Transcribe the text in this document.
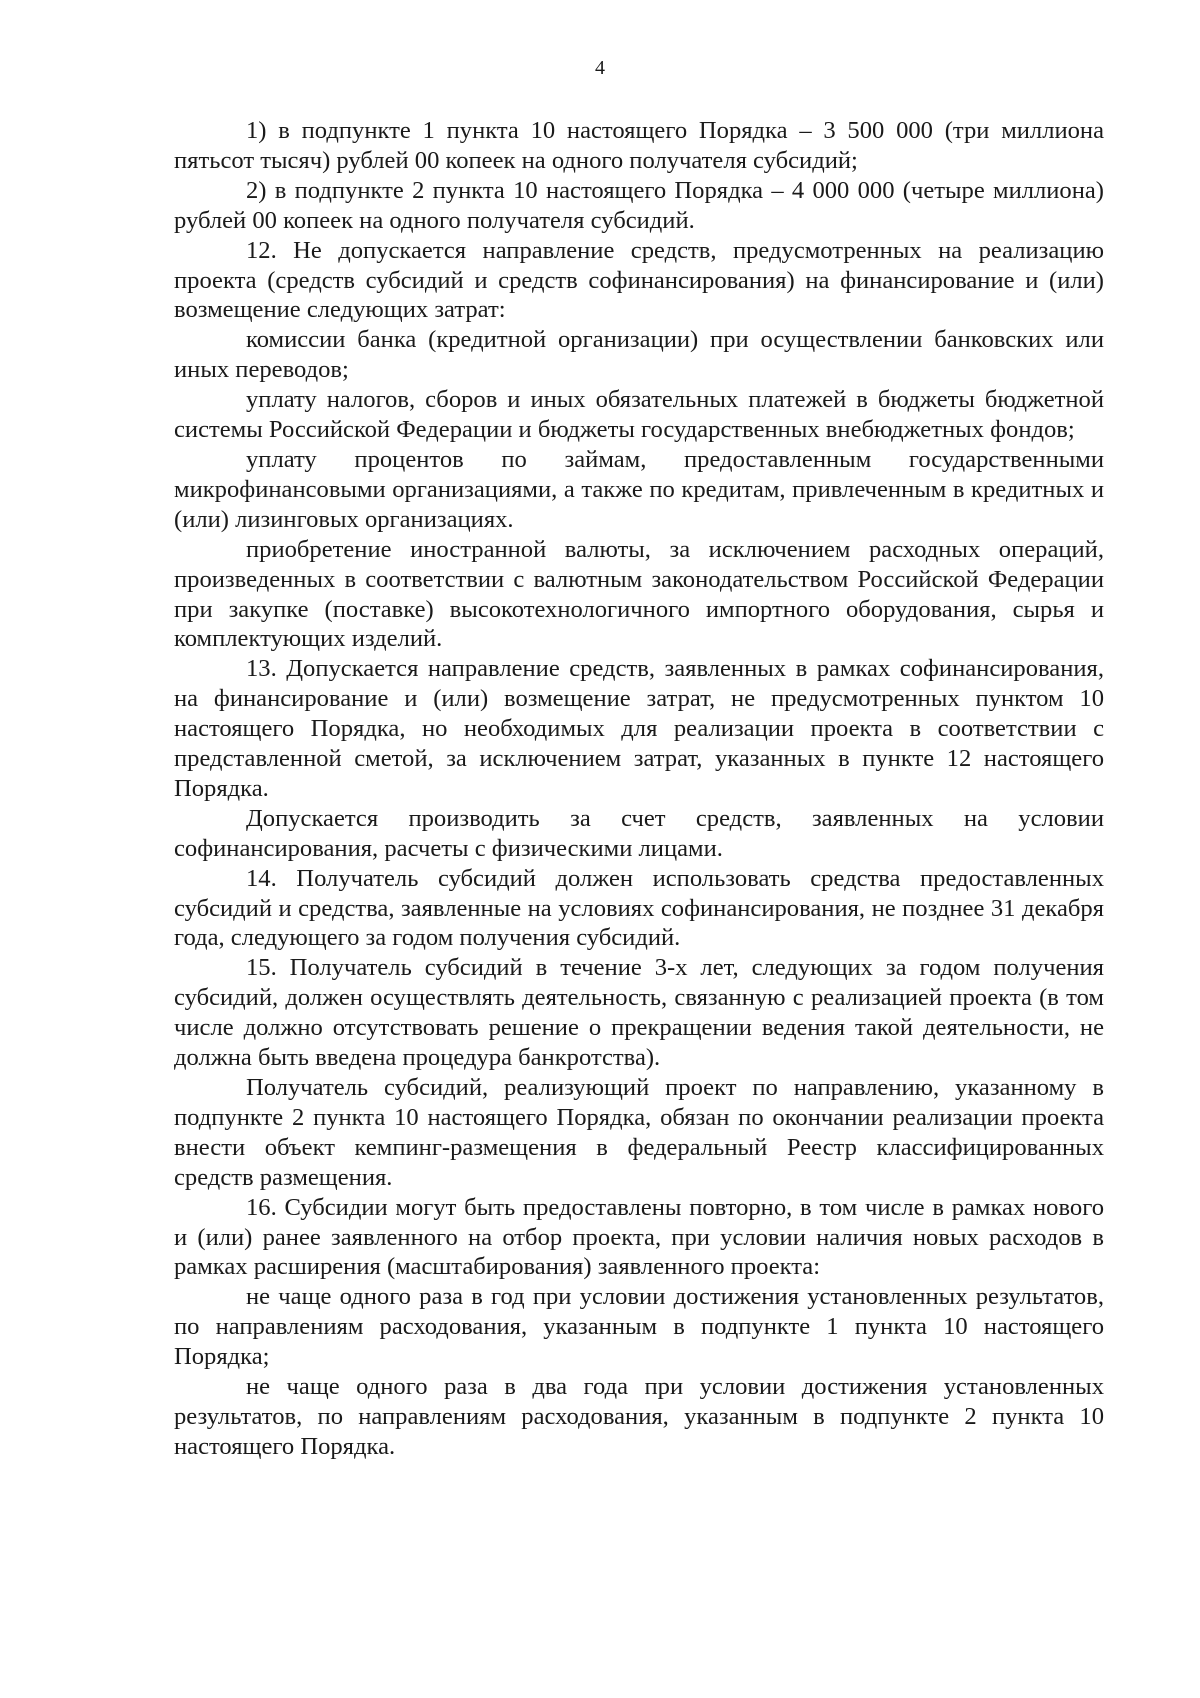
4

1) в подпункте 1 пункта 10 настоящего Порядка – 3 500 000 (три миллиона пятьсот тысяч) рублей 00 копеек на одного получателя субсидий;

2) в подпункте 2 пункта 10 настоящего Порядка – 4 000 000 (четыре миллиона) рублей 00 копеек на одного получателя субсидий.

12. Не допускается направление средств, предусмотренных на реализацию проекта (средств субсидий и средств софинансирования) на финансирование и (или) возмещение следующих затрат:

комиссии банка (кредитной организации) при осуществлении банковских или иных переводов;

уплату налогов, сборов и иных обязательных платежей в бюджеты бюджетной системы Российской Федерации и бюджеты государственных внебюджетных фондов;

уплату процентов по займам, предоставленным государственными микрофинансовыми организациями, а также по кредитам, привлеченным в кредитных и (или) лизинговых организациях.

приобретение иностранной валюты, за исключением расходных операций, произведенных в соответствии с валютным законодательством Российской Федерации при закупке (поставке) высокотехнологичного импортного оборудования, сырья и комплектующих изделий.

13. Допускается направление средств, заявленных в рамках софинансирования, на финансирование и (или) возмещение затрат, не предусмотренных пунктом 10 настоящего Порядка, но необходимых для реализации проекта в соответствии с представленной сметой, за исключением затрат, указанных в пункте 12 настоящего Порядка.

Допускается производить за счет средств, заявленных на условии софинансирования, расчеты с физическими лицами.

14. Получатель субсидий должен использовать средства предоставленных субсидий и средства, заявленные на условиях софинансирования, не позднее 31 декабря года, следующего за годом получения субсидий.

15. Получатель субсидий в течение 3-х лет, следующих за годом получения субсидий, должен осуществлять деятельность, связанную с реализацией проекта (в том числе должно отсутствовать решение о прекращении ведения такой деятельности, не должна быть введена процедура банкротства).

Получатель субсидий, реализующий проект по направлению, указанному в подпункте 2 пункта 10 настоящего Порядка, обязан по окончании реализации проекта внести объект кемпинг-размещения в федеральный Реестр классифицированных средств размещения.

16. Субсидии могут быть предоставлены повторно, в том числе в рамках нового и (или) ранее заявленного на отбор проекта, при условии наличия новых расходов в рамках расширения (масштабирования) заявленного проекта:

не чаще одного раза в год при условии достижения установленных результатов, по направлениям расходования, указанным в подпункте 1 пункта 10 настоящего Порядка;

не чаще одного раза в два года при условии достижения установленных результатов, по направлениям расходования, указанным в подпункте 2 пункта 10 настоящего Порядка.
